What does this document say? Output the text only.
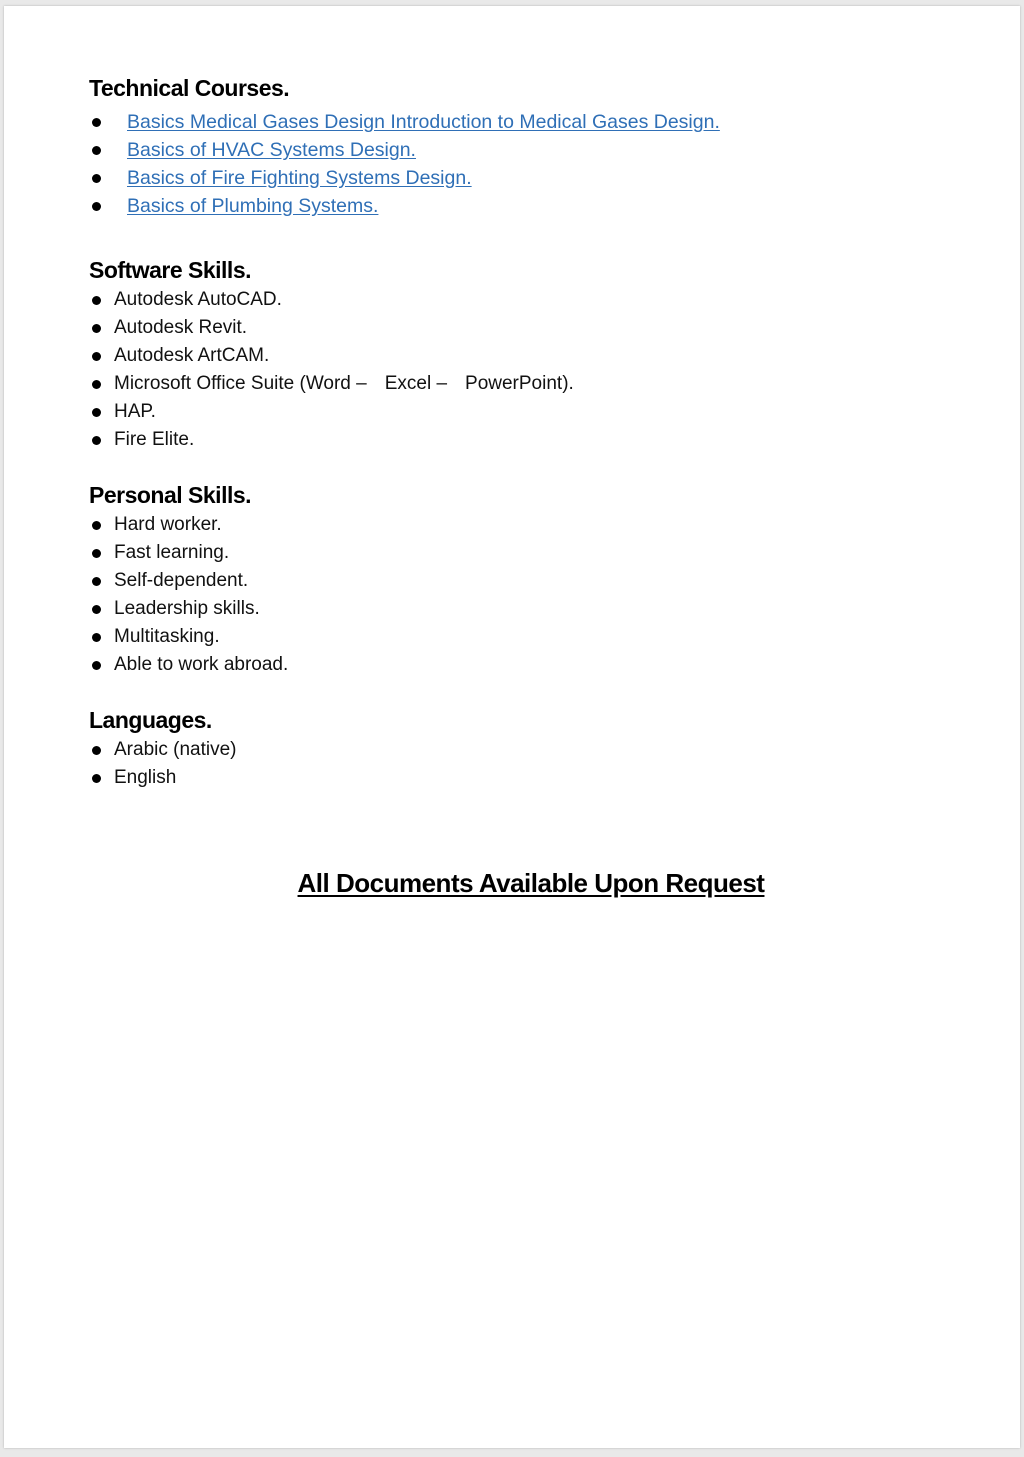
Technical Courses.
Basics Medical Gases Design Introduction to Medical Gases Design.
Basics of HVAC Systems Design.
Basics of Fire Fighting Systems Design.
Basics of Plumbing Systems.
Software Skills.
Autodesk AutoCAD.
Autodesk Revit.
Autodesk ArtCAM.
Microsoft Office Suite (Word – Excel – PowerPoint).
HAP.
Fire Elite.
Personal Skills.
Hard worker.
Fast learning.
Self-dependent.
Leadership skills.
Multitasking.
Able to work abroad.
Languages.
Arabic (native)
English

All Documents Available Upon Request
